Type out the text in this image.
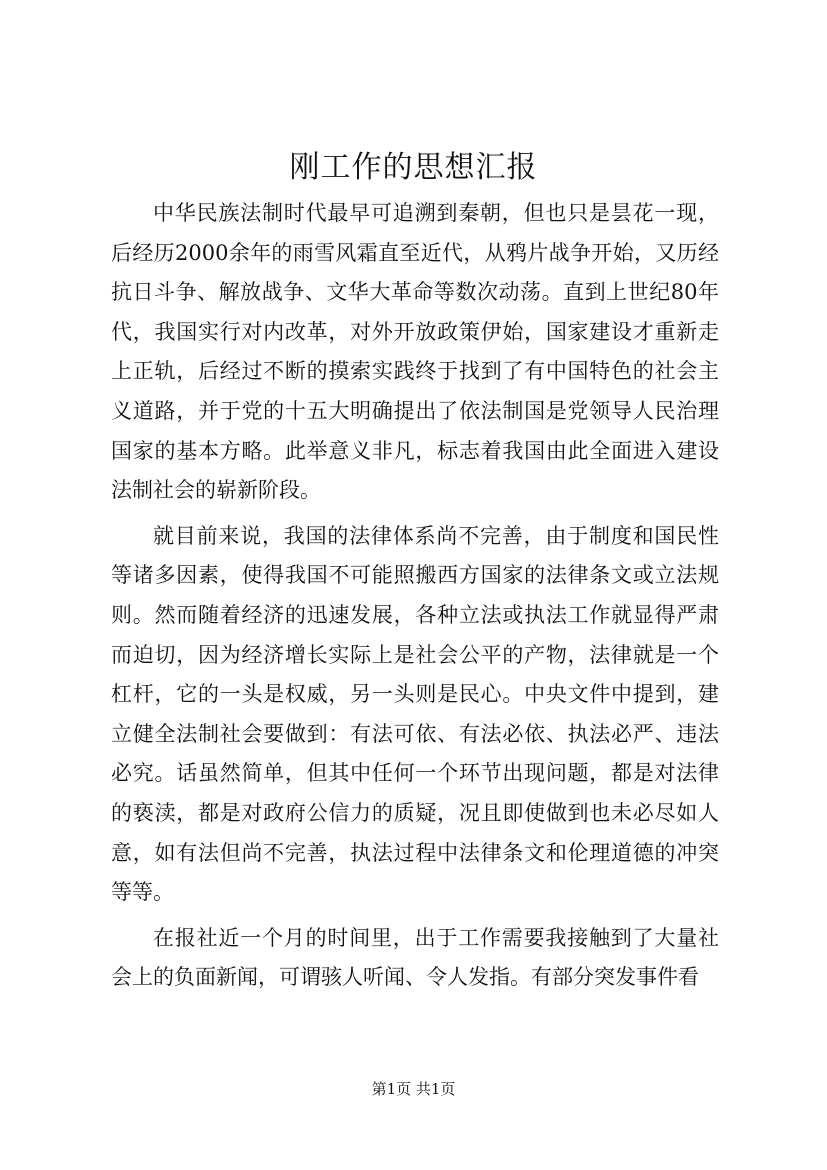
刚工作的思想汇报

中华民族法制时代最早可追溯到秦朝，但也只是昙花一现，后经历2000余年的雨雪风霜直至近代，从鸦片战争开始，又历经抗日斗争、解放战争、文华大革命等数次动荡。直到上世纪80年代，我国实行对内改革，对外开放政策伊始，国家建设才重新走上正轨，后经过不断的摸索实践终于找到了有中国特色的社会主义道路，并于党的十五大明确提出了依法制国是党领导人民治理国家的基本方略。此举意义非凡，标志着我国由此全面进入建设法制社会的崭新阶段。

就目前来说，我国的法律体系尚不完善，由于制度和国民性等诸多因素，使得我国不可能照搬西方国家的法律条文或立法规则。然而随着经济的迅速发展，各种立法或执法工作就显得严肃而迫切，因为经济增长实际上是社会公平的产物，法律就是一个杠杆，它的一头是权威，另一头则是民心。中央文件中提到，建立健全法制社会要做到：有法可依、有法必依、执法必严、违法必究。话虽然简单，但其中任何一个环节出现问题，都是对法律的亵渎，都是对政府公信力的质疑，况且即使做到也未必尽如人意，如有法但尚不完善，执法过程中法律条文和伦理道德的冲突等等。

在报社近一个月的时间里，出于工作需要我接触到了大量社会上的负面新闻，可谓骇人听闻、令人发指。有部分突发事件看

第1页 共1页
